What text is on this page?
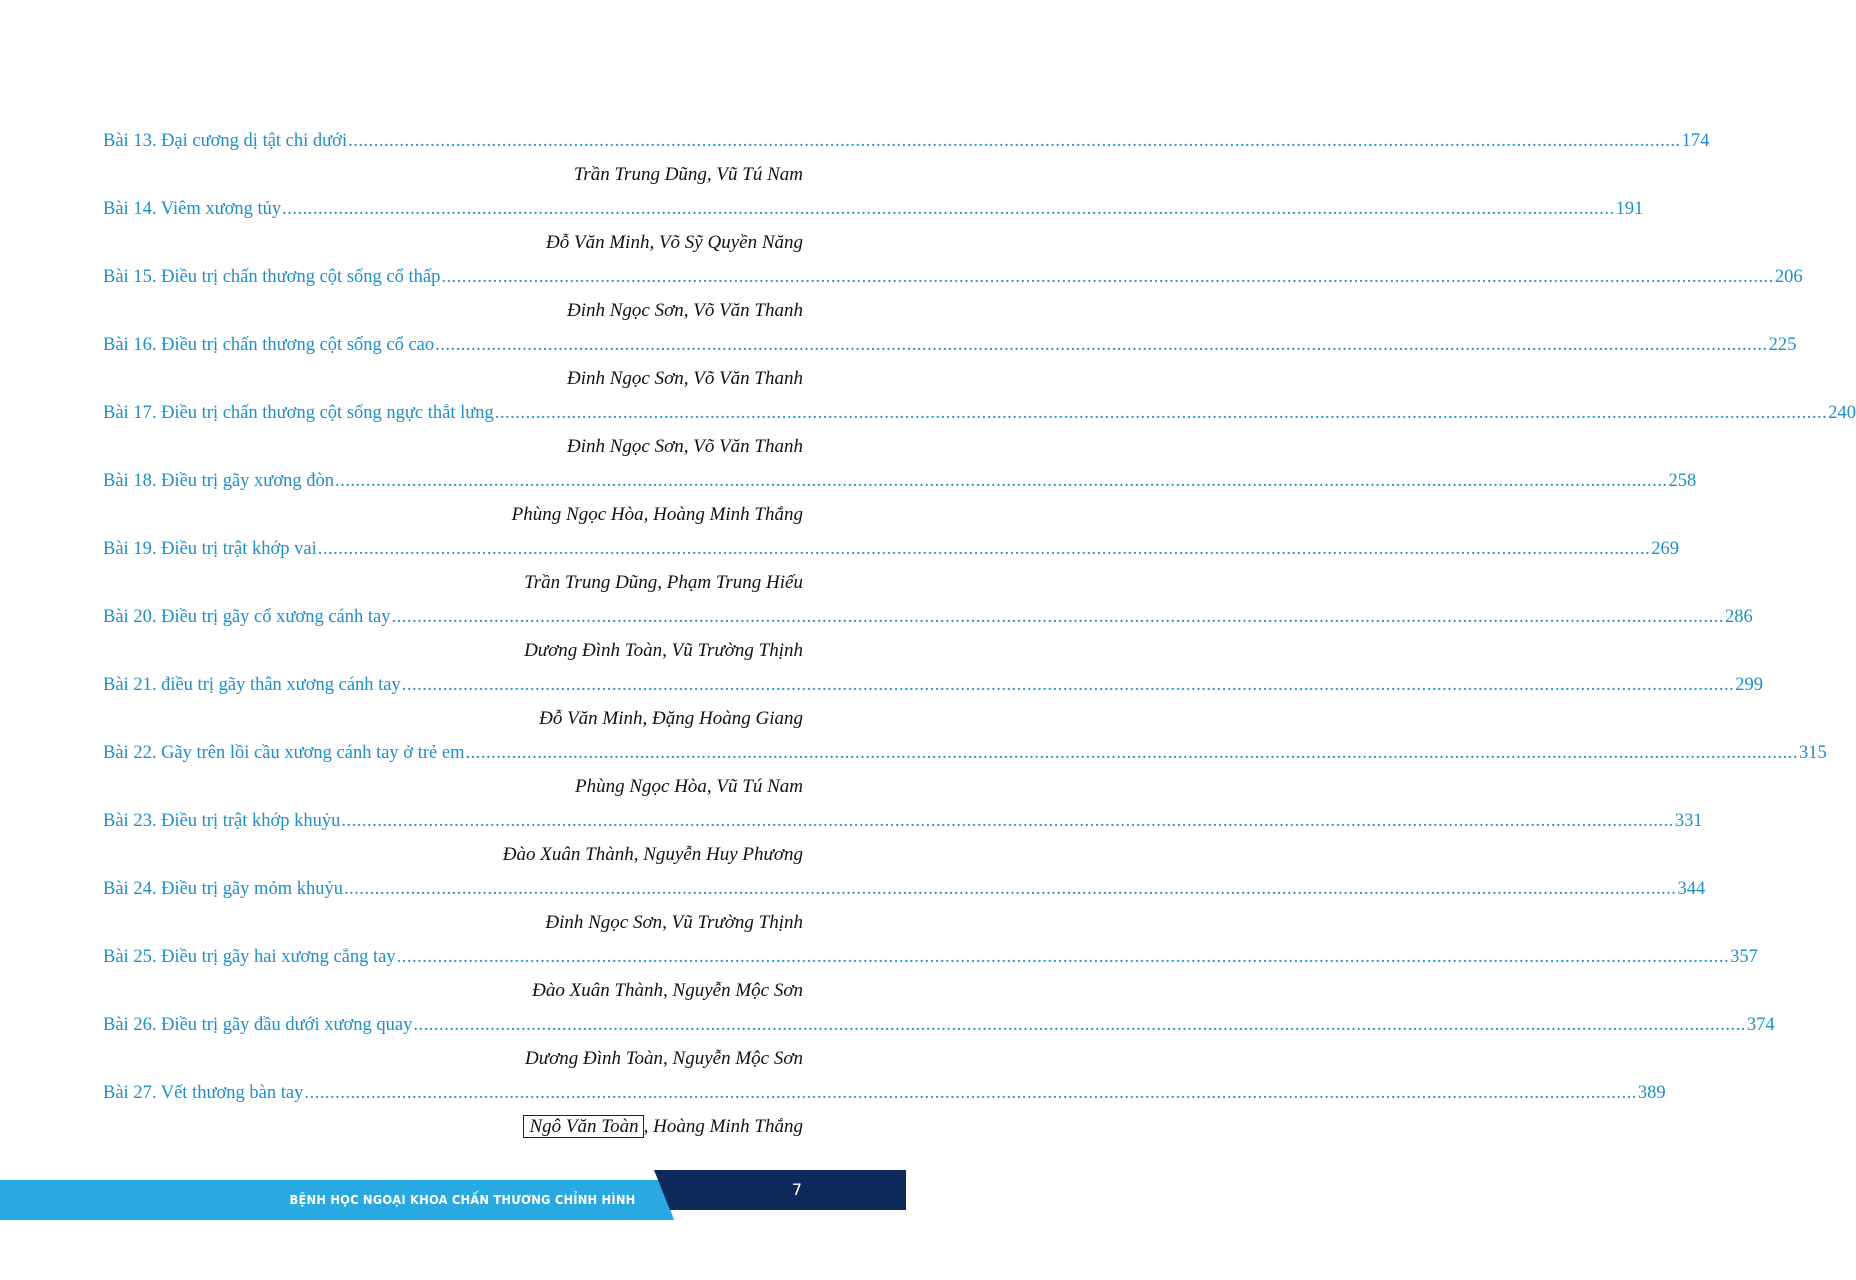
Bài 13. Đại cương dị tật chi dưới .................................................................................................................................................................................................................................................................... 174
Trần Trung Dũng, Vũ Tú Nam
Bài 14. Viêm xương tủy .................................................................................................................................................................................................................................................................... 191
Đỗ Văn Minh, Võ Sỹ Quyền Năng
Bài 15. Điều trị chấn thương cột sống cổ thấp .................................................................................................................................................................................................................................................................... 206
Đinh Ngọc Sơn, Võ Văn Thanh
Bài 16. Điều trị chấn thương cột sống cổ cao .................................................................................................................................................................................................................................................................... 225
Đinh Ngọc Sơn, Võ Văn Thanh
Bài 17. Điều trị chấn thương cột sống ngực thắt lưng .................................................................................................................................................................................................................................................................... 240
Đinh Ngọc Sơn, Võ Văn Thanh
Bài 18. Điều trị gãy xương đòn .................................................................................................................................................................................................................................................................... 258
Phùng Ngọc Hòa, Hoàng Minh Thắng
Bài 19. Điều trị trật khớp vai .................................................................................................................................................................................................................................................................... 269
Trần Trung Dũng, Phạm Trung Hiếu
Bài 20. Điều trị gãy cổ xương cánh tay .................................................................................................................................................................................................................................................................... 286
Dương Đình Toàn, Vũ Trường Thịnh
Bài 21. điều trị gãy thân xương cánh tay .................................................................................................................................................................................................................................................................... 299
Đỗ Văn Minh, Đặng Hoàng Giang
Bài 22. Gãy trên lồi cầu xương cánh tay ở trẻ em .................................................................................................................................................................................................................................................................... 315
Phùng Ngọc Hòa, Vũ Tú Nam
Bài 23. Điều trị trật khớp khuỷu .................................................................................................................................................................................................................................................................... 331
Đào Xuân Thành, Nguyễn Huy Phương
Bài 24. Điều trị gãy mỏm khuỷu .................................................................................................................................................................................................................................................................... 344
Đinh Ngọc Sơn, Vũ Trường Thịnh
Bài 25. Điều trị gãy hai xương cẳng tay .................................................................................................................................................................................................................................................................... 357
Đào Xuân Thành, Nguyễn Mộc Sơn
Bài 26. Điều trị gãy đầu dưới xương quay .................................................................................................................................................................................................................................................................... 374
Dương Đình Toàn, Nguyễn Mộc Sơn
Bài 27. Vết thương bàn tay .................................................................................................................................................................................................................................................................... 389
Ngô Văn Toàn , Hoàng Minh Thắng
BỆNH HỌC NGOẠI KHOA CHẤN THƯƠNG CHỈNH HÌNH
7
